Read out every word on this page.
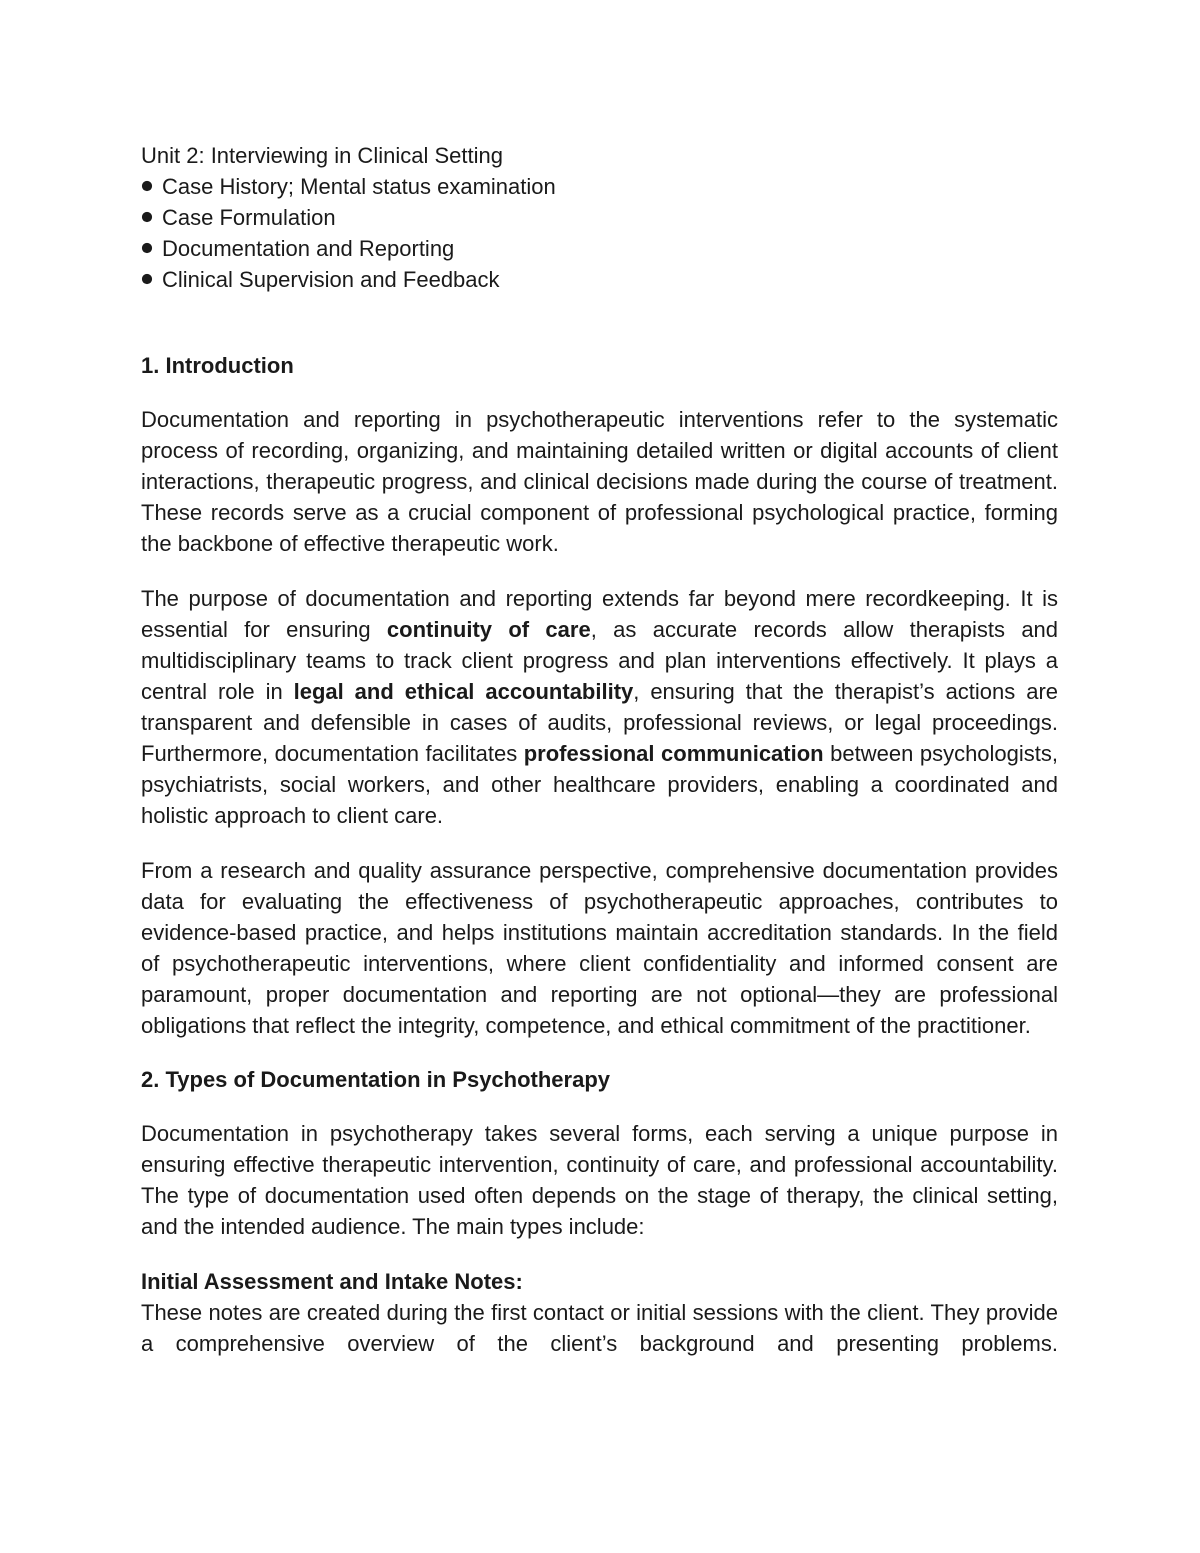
Unit 2: Interviewing in Clinical Setting
Case History; Mental status examination
Case Formulation
Documentation and Reporting
Clinical Supervision and Feedback
1. Introduction

Documentation and reporting in psychotherapeutic interventions refer to the systematic process of recording, organizing, and maintaining detailed written or digital accounts of client interactions, therapeutic progress, and clinical decisions made during the course of treatment. These records serve as a crucial component of professional psychological practice, forming the backbone of effective therapeutic work.

The purpose of documentation and reporting extends far beyond mere recordkeeping. It is essential for ensuring continuity of care, as accurate records allow therapists and multidisciplinary teams to track client progress and plan interventions effectively. It plays a central role in legal and ethical accountability, ensuring that the therapist’s actions are transparent and defensible in cases of audits, professional reviews, or legal proceedings. Furthermore, documentation facilitates professional communication between psychologists, psychiatrists, social workers, and other healthcare providers, enabling a coordinated and holistic approach to client care.

From a research and quality assurance perspective, comprehensive documentation provides data for evaluating the effectiveness of psychotherapeutic approaches, contributes to evidence-based practice, and helps institutions maintain accreditation standards. In the field of psychotherapeutic interventions, where client confidentiality and informed consent are paramount, proper documentation and reporting are not optional—they are professional obligations that reflect the integrity, competence, and ethical commitment of the practitioner.

2. Types of Documentation in Psychotherapy

Documentation in psychotherapy takes several forms, each serving a unique purpose in ensuring effective therapeutic intervention, continuity of care, and professional accountability. The type of documentation used often depends on the stage of therapy, the clinical setting, and the intended audience. The main types include:

Initial Assessment and Intake Notes:

These notes are created during the first contact or initial sessions with the client. They provide a comprehensive overview of the client’s background and presenting problems.
